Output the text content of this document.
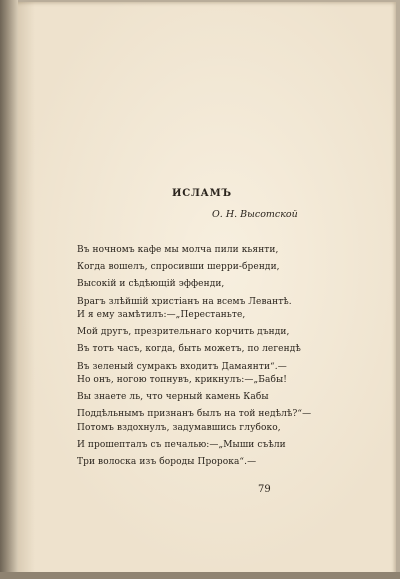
ИСЛАМЪ
О. Н. Высотской
Въ ночномъ кафе мы молча пили кьянти,
Когда вошелъ, спросивши шерри-бренди,
Высокій и сѣдѣющій эффенди,
Врагъ злѣйшій христіанъ на всемъ Левантѣ.
И я ему замѣтилъ:—„Перестаньте,
Мой другъ, презрительнаго корчить дънди,
Въ тотъ часъ, когда, быть можетъ, по легендѣ
Въ зеленый сумракъ входитъ Дамаянти“.—
Но онъ, ногою топнувъ, крикнулъ:—„Бабы!
Вы знаете ль, что черный камень Кабы
Поддѣльнымъ признанъ былъ на той недѣлѣ?“—
Потомъ вздохнулъ, задумавшись глубоко,
И прошепталъ съ печалью:—„Мыши съѣли
Три волоска изъ бороды Пророка“.—
79
